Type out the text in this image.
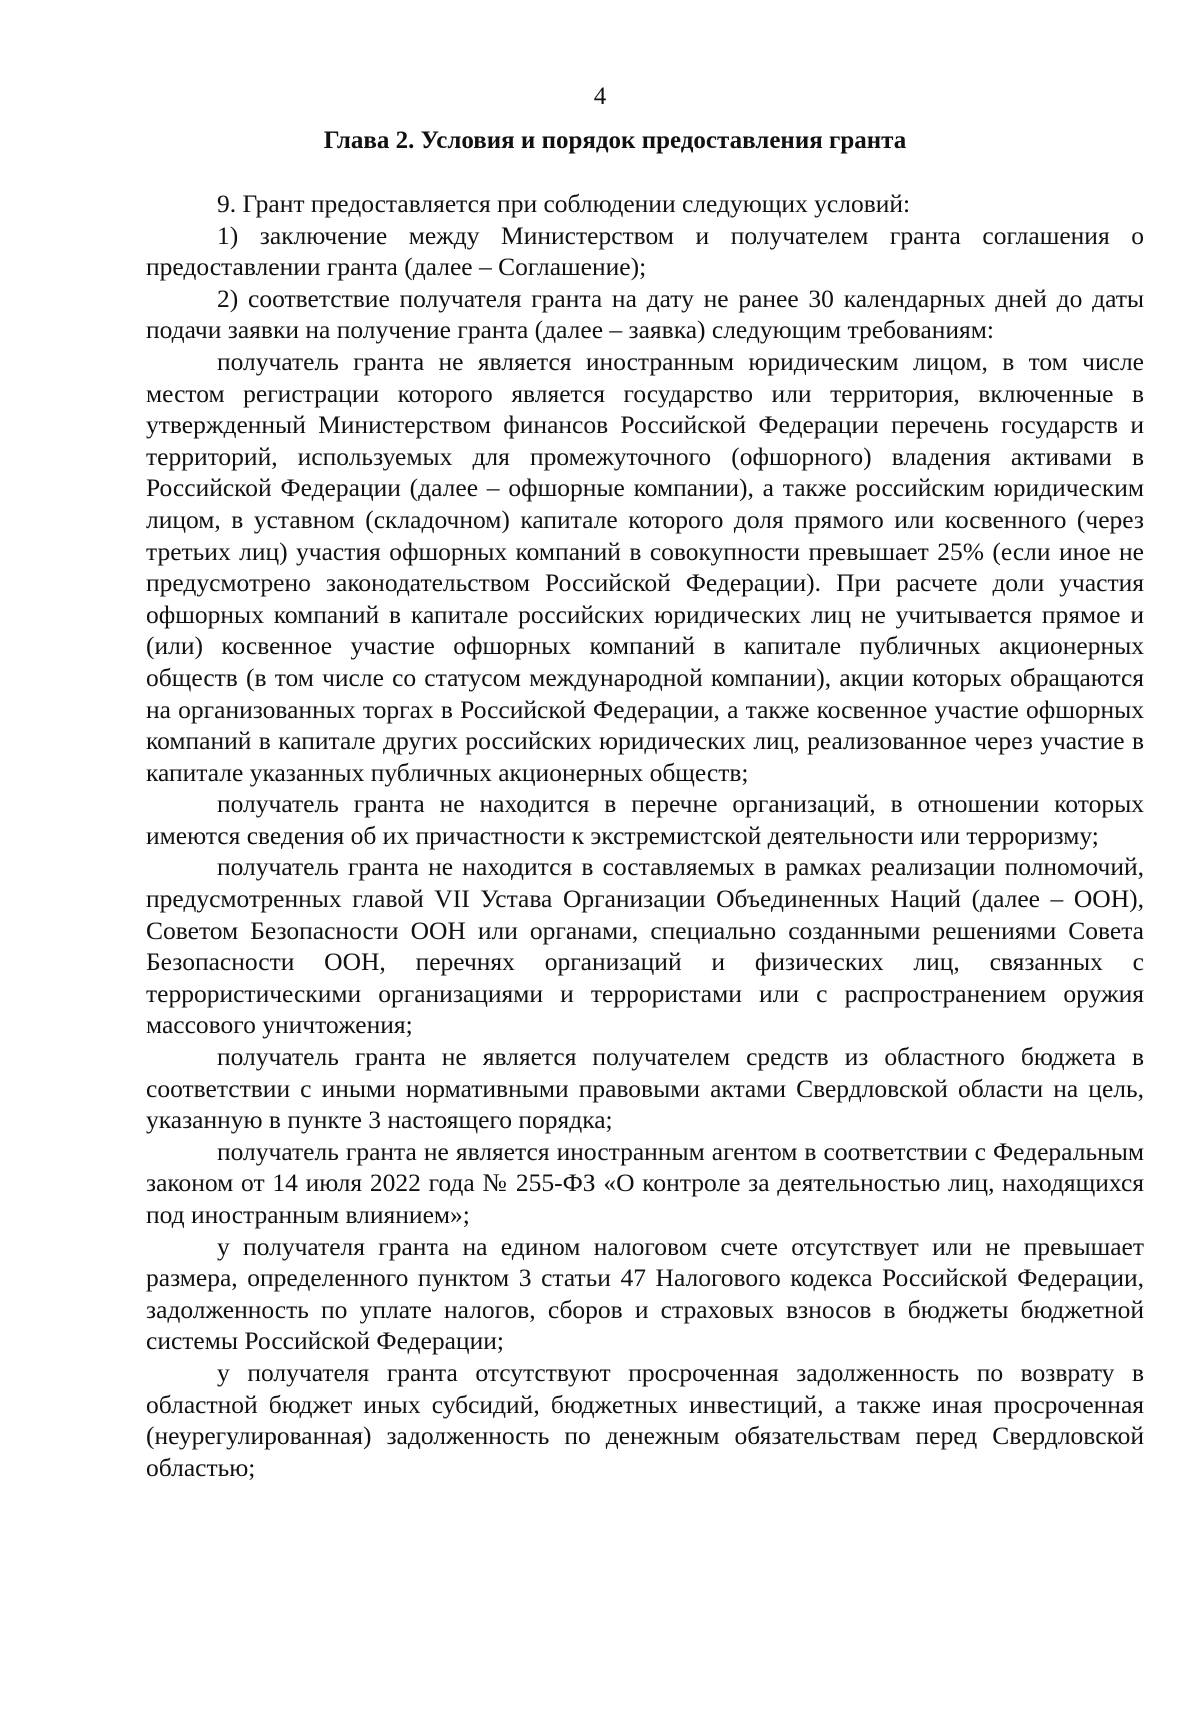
4
Глава 2. Условия и порядок предоставления гранта

9. Грант предоставляется при соблюдении следующих условий:

1) заключение между Министерством и получателем гранта соглашения о предоставлении гранта (далее – Соглашение);

2) соответствие получателя гранта на дату не ранее 30 календарных дней до даты подачи заявки на получение гранта (далее – заявка) следующим требованиям:

получатель гранта не является иностранным юридическим лицом, в том числе местом регистрации которого является государство или территория, включенные в утвержденный Министерством финансов Российской Федерации перечень государств и территорий, используемых для промежуточного (офшорного) владения активами в Российской Федерации (далее – офшорные компании), а также российским юридическим лицом, в уставном (складочном) капитале которого доля прямого или косвенного (через третьих лиц) участия офшорных компаний в совокупности превышает 25% (если иное не предусмотрено законодательством Российской Федерации). При расчете доли участия офшорных компаний в капитале российских юридических лиц не учитывается прямое и (или) косвенное участие офшорных компаний в капитале публичных акционерных обществ (в том числе со статусом международной компании), акции которых обращаются на организованных торгах в Российской Федерации, а также косвенное участие офшорных компаний в капитале других российских юридических лиц, реализованное через участие в капитале указанных публичных акционерных обществ;

получатель гранта не находится в перечне организаций, в отношении которых имеются сведения об их причастности к экстремистской деятельности или терроризму;

получатель гранта не находится в составляемых в рамках реализации полномочий, предусмотренных главой VII Устава Организации Объединенных Наций (далее – ООН), Советом Безопасности ООН или органами, специально созданными решениями Совета Безопасности ООН, перечнях организаций и физических лиц, связанных с террористическими организациями и террористами или с распространением оружия массового уничтожения;

получатель гранта не является получателем средств из областного бюджета в соответствии с иными нормативными правовыми актами Свердловской области на цель, указанную в пункте 3 настоящего порядка;

получатель гранта не является иностранным агентом в соответствии с Федеральным законом от 14 июля 2022 года № 255-ФЗ «О контроле за деятельностью лиц, находящихся под иностранным влиянием»;

у получателя гранта на едином налоговом счете отсутствует или не превышает размера, определенного пунктом 3 статьи 47 Налогового кодекса Российской Федерации, задолженность по уплате налогов, сборов и страховых взносов в бюджеты бюджетной системы Российской Федерации;

у получателя гранта отсутствуют просроченная задолженность по возврату в областной бюджет иных субсидий, бюджетных инвестиций, а также иная просроченная (неурегулированная) задолженность по денежным обязательствам перед Свердловской областью;
